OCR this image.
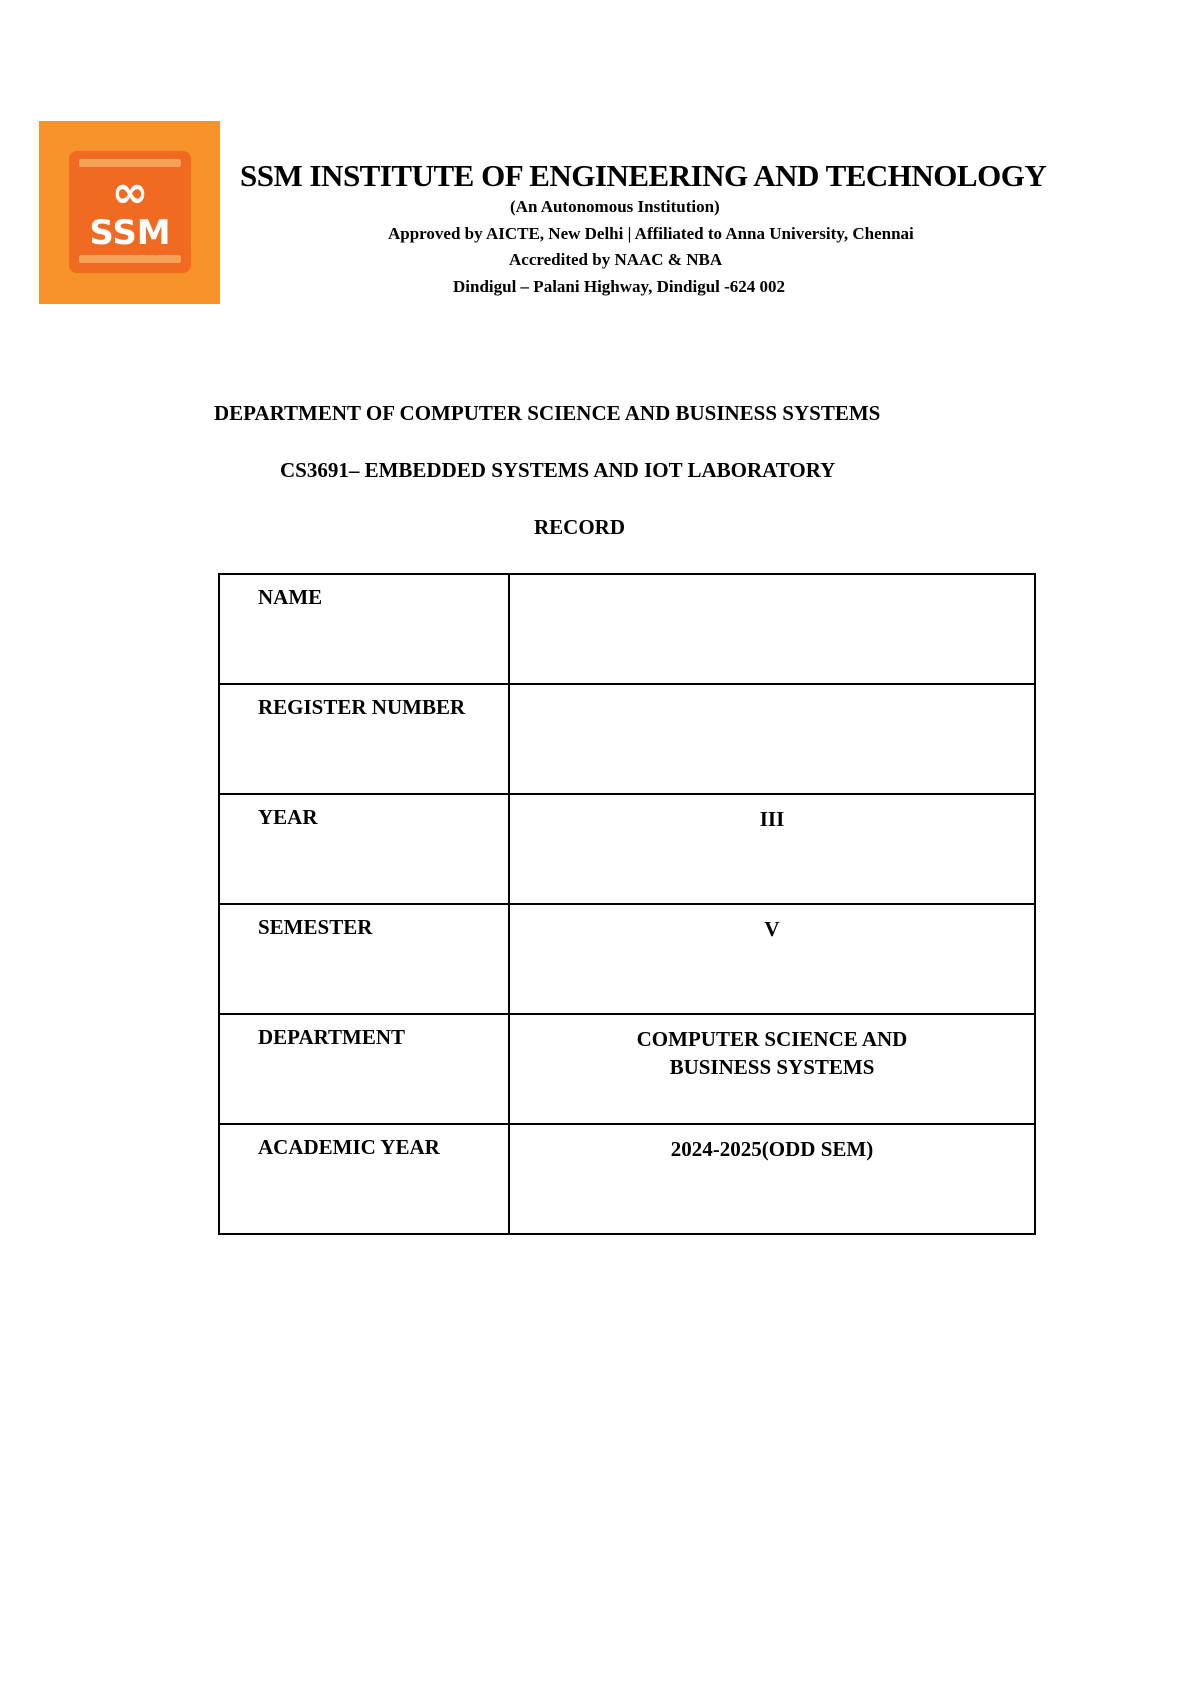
∞
SSM
SSM INSTITUTE OF ENGINEERING AND TECHNOLOGY
(An Autonomous Institution)
Approved by AICTE, New Delhi | Affiliated to Anna University, Chennai
Accredited by NAAC & NBA
Dindigul – Palani Highway, Dindigul -624 002
DEPARTMENT OF COMPUTER SCIENCE AND BUSINESS SYSTEMS
CS3691– EMBEDDED SYSTEMS AND IOT LABORATORY
RECORD
NAME	
REGISTER NUMBER	
YEAR	III
SEMESTER	V
DEPARTMENT	COMPUTER SCIENCE AND BUSINESS SYSTEMS
ACADEMIC YEAR	2024-2025(ODD SEM)
